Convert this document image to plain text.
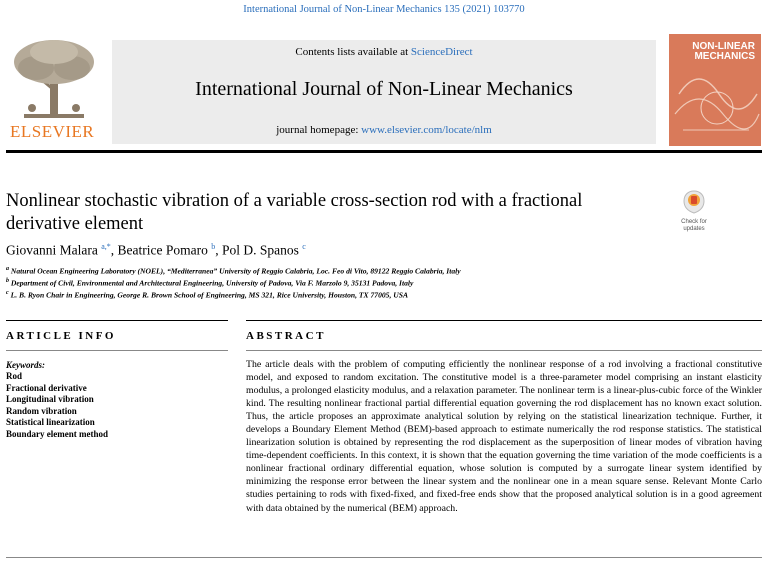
International Journal of Non-Linear Mechanics 135 (2021) 103770
ELSEVIER
Contents lists available at ScienceDirect
International Journal of Non-Linear Mechanics
journal homepage: www.elsevier.com/locate/nlm
NON-LINEAR
MECHANICS
Nonlinear stochastic vibration of a variable cross-section rod with a fractional derivative element	Check for updates
Giovanni Malara $^{a,*}$, Beatrice Pomaro $^b$, Pol D. Spanos $^c$
$^a$ Natural Ocean Engineering Laboratory (NOEL), “Mediterranea” University of Reggio Calabria, Loc. Feo di Vito, 89122 Reggio Calabria, Italy
$^b$ Department of Civil, Environmental and Architectural Engineering, University of Padova, Via F. Marzolo 9, 35131 Padova, Italy
$^c$ L. B. Ryon Chair in Engineering, George R. Brown School of Engineering, MS 321, Rice University, Houston, TX 77005, USA
ARTICLE INFO
Keywords:
Rod
Fractional derivative
Longitudinal vibration
Random vibration
Statistical linearization
Boundary element method
ABSTRACT
The article deals with the problem of computing efficiently the nonlinear response of a rod involving a fractional constitutive model, and exposed to random excitation. The constitutive model is a three-parameter model comprising an instant elasticity modulus, a prolonged elasticity modulus, and a relaxation parameter. The nonlinear term is a linear-plus-cubic force of the Winkler kind. The resulting nonlinear fractional partial differential equation governing the rod displacement has no known exact solution. Thus, the article proposes an approximate analytical solution by relying on the statistical linearization technique. Further, it develops a Boundary Element Method (BEM)-based approach to estimate numerically the rod response statistics. The statistical linearization solution is obtained by representing the rod displacement as the superposition of linear modes of vibration having time-dependent coefficients. In this context, it is shown that the equation governing the time variation of the mode coefficients is a nonlinear fractional ordinary differential equation, whose solution is computed by a surrogate linear system identified by minimizing the response error between the linear system and the nonlinear one in a mean square sense. Relevant Monte Carlo studies pertaining to rods with fixed-fixed, and fixed-free ends show that the proposed analytical solution is in a good agreement with data obtained by the numerical (BEM) approach.
